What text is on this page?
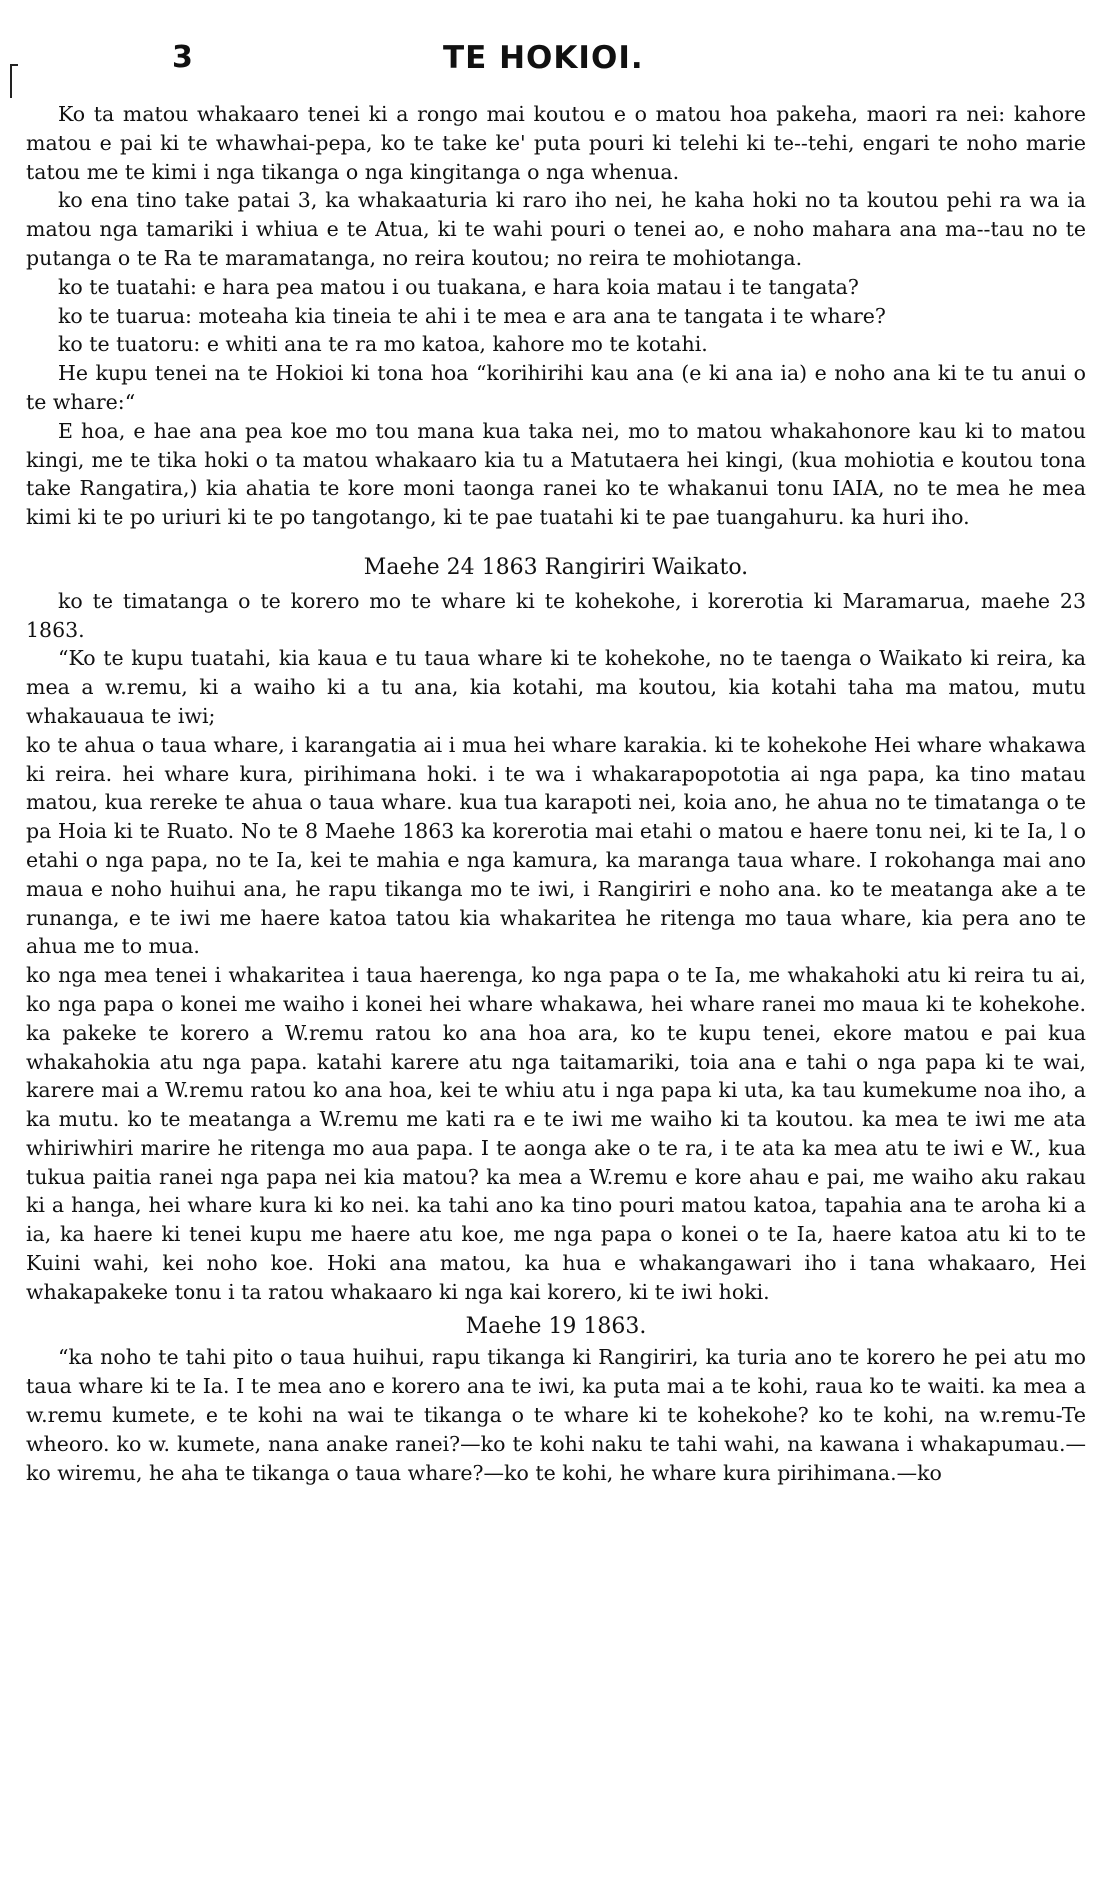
3	TE HOKIOI.

Ko ta matou whakaaro tenei ki a rongo mai koutou e o matou hoa pakeha, maori ra nei: kahore matou e pai ki te whawhai-pepa, ko te take ke' puta pouri ki telehi ki te--tehi, engari te noho marie tatou me te kimi i nga tikanga o nga kingitanga o nga whenua.

ko ena tino take patai 3, ka whakaaturia ki raro iho nei, he kaha hoki no ta koutou pehi ra wa ia matou nga tamariki i whiua e te Atua, ki te wahi pouri o tenei ao, e noho mahara ana ma--tau no te putanga o te Ra te maramatanga, no reira koutou; no reira te mohiotanga.

ko te tuatahi: e hara pea matou i ou tuakana, e hara koia matau i te tangata?

ko te tuarua: moteaha kia tineia te ahi i te mea e ara ana te tangata i te whare?

ko te tuatoru: e whiti ana te ra mo katoa, kahore mo te kotahi.

He kupu tenei na te Hokioi ki tona hoa “korihirihi kau ana (e ki ana ia) e noho ana ki te tu anui o te whare:“

E hoa, e hae ana pea koe mo tou mana kua taka nei, mo to matou whakahonore kau ki to matou kingi, me te tika hoki o ta matou whakaaro kia tu a Matutaera hei kingi, (kua mohiotia e koutou tona take Rangatira,) kia ahatia te kore moni taonga ranei ko te whakanui tonu IAIA, no te mea he mea kimi ki te po uriuri ki te po tangotango, ki te pae tuatahi ki te pae tuangahuru. ka huri iho.

Maehe 24 1863 Rangiriri Waikato.

ko te timatanga o te korero mo te whare ki te kohekohe, i korerotia ki Maramarua, maehe 23 1863.

“Ko te kupu tuatahi, kia kaua e tu taua whare ki te kohekohe, no te taenga o Waikato ki reira, ka mea a w.remu, ki a waiho ki a tu ana, kia kotahi, ma koutou, kia kotahi taha ma matou, mutu whakauaua te iwi;

ko te ahua o taua whare, i karangatia ai i mua hei whare karakia. ki te kohekohe Hei whare whakawa ki reira. hei whare kura, pirihimana hoki. i te wa i whakarapopototia ai nga papa, ka tino matau matou, kua rereke te ahua o taua whare. kua tua karapoti nei, koia ano, he ahua no te timatanga o te pa Hoia ki te Ruato. No te 8 Maehe 1863 ka korerotia mai etahi o matou e haere tonu nei, ki te Ia, l o etahi o nga papa, no te Ia, kei te mahia e nga kamura, ka maranga taua whare. I rokohanga mai ano maua e noho huihui ana, he rapu tikanga mo te iwi, i Rangiriri e noho ana. ko te meatanga ake a te runanga, e te iwi me haere katoa tatou kia whakaritea he ritenga mo taua whare, kia pera ano te ahua me to mua.

ko nga mea tenei i whakaritea i taua haerenga, ko nga papa o te Ia, me whakahoki atu ki reira tu ai, ko nga papa o konei me waiho i konei hei whare whakawa, hei whare ranei mo maua ki te kohekohe. ka pakeke te korero a W.remu ratou ko ana hoa ara, ko te kupu tenei, ekore matou e pai kua whakahokia atu nga papa. katahi karere atu nga taitamariki, toia ana e tahi o nga papa ki te wai, karere mai a W.remu ratou ko ana hoa, kei te whiu atu i nga papa ki uta, ka tau kumekume noa iho, a ka mutu. ko te meatanga a W.remu me kati ra e te iwi me waiho ki ta koutou. ka mea te iwi me ata whiriwhiri marire he ritenga mo aua papa. I te aonga ake o te ra, i te ata ka mea atu te iwi e W., kua tukua paitia ranei nga papa nei kia matou? ka mea a W.remu e kore ahau e pai, me waiho aku rakau ki a hanga, hei whare kura ki ko nei. ka tahi ano ka tino pouri matou katoa, tapahia ana te aroha ki a ia, ka haere ki tenei kupu me haere atu koe, me nga papa o konei o te Ia, haere katoa atu ki to te Kuini wahi, kei noho koe. Hoki ana matou, ka hua e whakangawari iho i tana whakaaro, Hei whakapakeke tonu i ta ratou whakaaro ki nga kai korero, ki te iwi hoki.

Maehe 19 1863.

“ka noho te tahi pito o taua huihui, rapu tikanga ki Rangiriri, ka turia ano te korero he pei atu mo taua whare ki te Ia. I te mea ano e korero ana te iwi, ka puta mai a te kohi, raua ko te waiti. ka mea a w.remu kumete, e te kohi na wai te tikanga o te whare ki te kohekohe? ko te kohi, na w.remu-Te wheoro. ko w. kumete, nana anake ranei?—ko te kohi naku te tahi wahi, na kawana i whakapumau.—ko wiremu, he aha te tikanga o taua whare?—ko te kohi, he whare kura pirihimana.—ko
